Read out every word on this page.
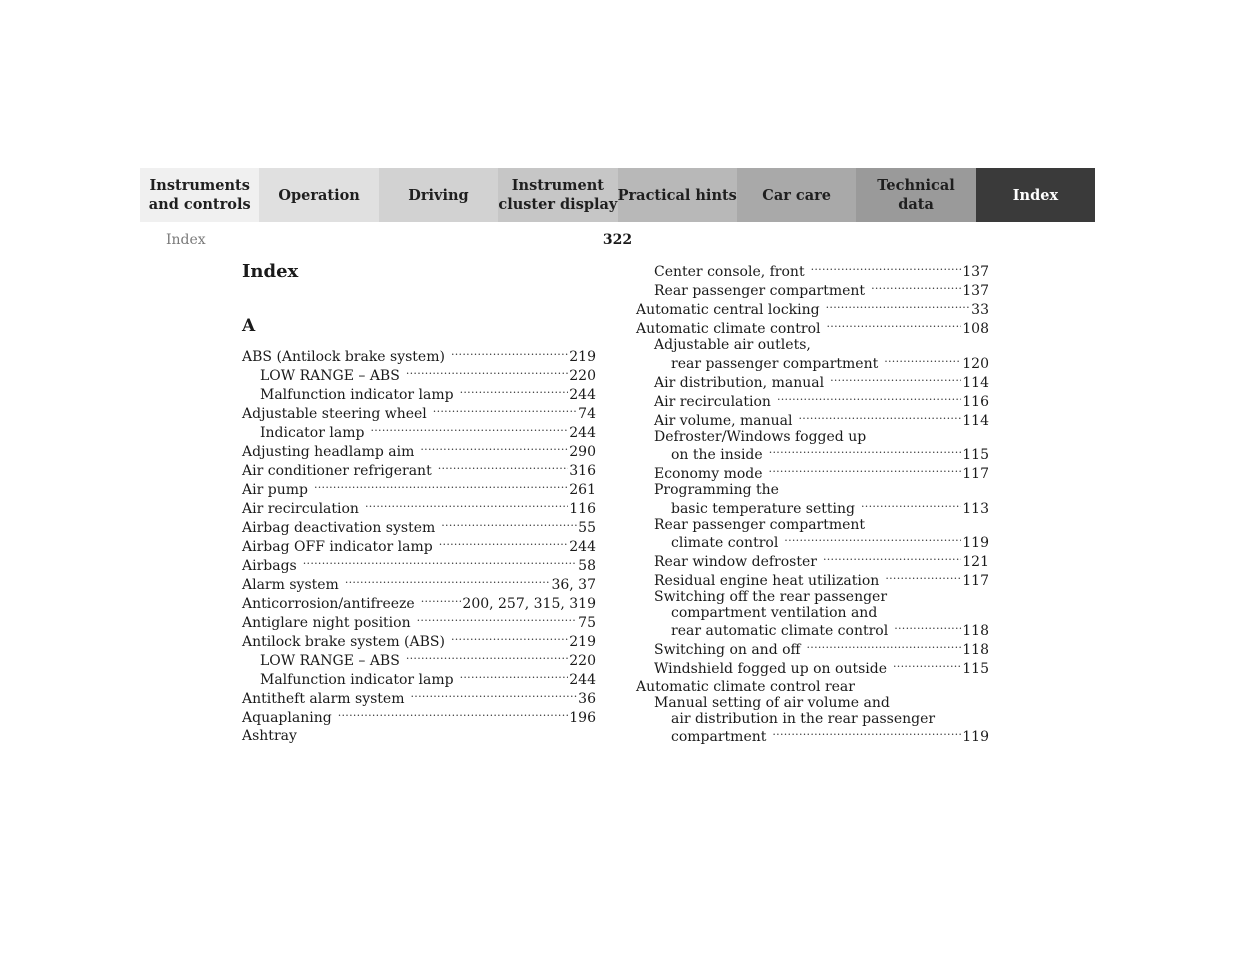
Instruments
and controls
Operation	Driving
Instrument
cluster display
Practical hints	Car care
Technical
data
Index
Index	322
Index
A
ABS (Antilock brake system) .....	219
LOW RANGE – ABS .....	220
Malfunction indicator lamp .....	244
Adjustable steering wheel .....	74
Indicator lamp .....	244
Adjusting headlamp aim .....	290
Air conditioner refrigerant .....	316
Air pump .....	261
Air recirculation .....	116
Airbag deactivation system .....	55
Airbag OFF indicator lamp .....	244
Airbags .....	58
Alarm system .....	36, 37
Anticorrosion/antifreeze .....	200, 257, 315, 319
Antiglare night position .....	75
Antilock brake system (ABS) .....	219
LOW RANGE – ABS .....	220
Malfunction indicator lamp .....	244
Antitheft alarm system .....	36
Aquaplaning .....	196
Ashtray
Center console, front .....	137
Rear passenger compartment .....	137
Automatic central locking .....	33
Automatic climate control .....	108
Adjustable air outlets,
rear passenger compartment .....	120
Air distribution, manual .....	114
Air recirculation .....	116
Air volume, manual .....	114
Defroster/Windows fogged up
on the inside .....	115
Economy mode .....	117
Programming the
basic temperature setting .....	113
Rear passenger compartment
climate control .....	119
Rear window defroster .....	121
Residual engine heat utilization .....	117
Switching off the rear passenger
compartment ventilation and
rear automatic climate control .....	118
Switching on and off .....	118
Windshield fogged up on outside .....	115
Automatic climate control rear
Manual setting of air volume and
air distribution in the rear passenger
compartment .....	119
